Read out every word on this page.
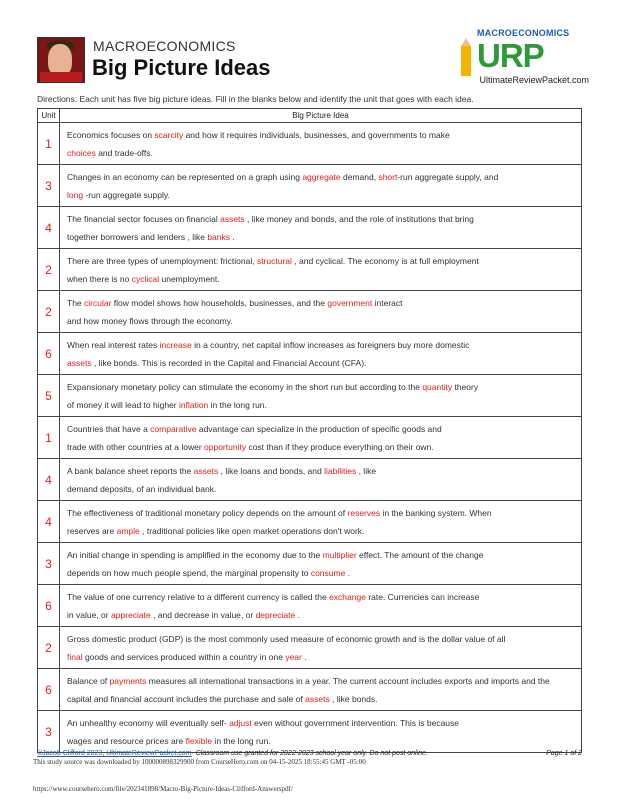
MACROECONOMICS
Big Picture Ideas
MACROECONOMICS
URP
UltimateReviewPacket.com
Directions: Each unit has five big picture ideas. Fill in the blanks below and identify the unit that goes with each idea.
Unit	Big Picture Idea
1	Economics focuses on scarcity and how it requires individuals, businesses, and governments to make
choices and trade-offs.
3	Changes in an economy can be represented on a graph using aggregate demand, short-run aggregate supply, and
long -run aggregate supply.
4	The financial sector focuses on financial assets , like money and bonds, and the role of institutions that bring
together borrowers and lenders , like banks .
2	There are three types of unemployment: frictional, structural , and cyclical. The economy is at full employment
when there is no cyclical unemployment.
2	The circular flow model shows how households, businesses, and the government interact
and how money flows through the economy.
6	When real interest rates increase in a country, net capital inflow increases as foreigners buy more domestic
assets , like bonds. This is recorded in the Capital and Financial Account (CFA).
5	Expansionary monetary policy can stimulate the economy in the short run but according to the quantity theory
of money it will lead to higher inflation in the long run.
1	Countries that have a comparative advantage can specialize in the production of specific goods and
trade with other countries at a lower opportunity cost than if they produce everything on their own.
4	A bank balance sheet reports the assets , like loans and bonds, and liabilities , like
demand deposits, of an individual bank.
4	The effectiveness of traditional monetary policy depends on the amount of reserves in the banking system. When
reserves are ample , traditional policies like open market operations don't work.
3	An initial change in spending is amplified in the economy due to the multiplier effect. The amount of the change
depends on how much people spend, the marginal propensity to consume .
6	The value of one currency relative to a different currency is called the exchange rate. Currencies can increase
in value, or appreciate , and decrease in value, or depreciate .
2	Gross domestic product (GDP) is the most commonly used measure of economic growth and is the dollar value of all
final goods and services produced within a country in one year .
6	Balance of payments measures all international transactions in a year. The current account includes exports and imports and the
capital and financial account includes the purchase and sale of assets , like bonds.
3	An unhealthy economy will eventually self- adjust even without government intervention. This is because
wages and resource prices are flexible in the long run.
©Jacob Clifford 2023, UltimateReviewPacket.com- Classroom use granted for 2022-2023 school year only. Do not post online.	Page 1 of 2
This study source was downloaded by 100000898329900 from CourseHero.com on 04-15-2025 18:55:45 GMT -05:00
https://www.coursehero.com/file/202341898/Macro-Big-Picture-Ideas-Clifford-Answerspdf/
